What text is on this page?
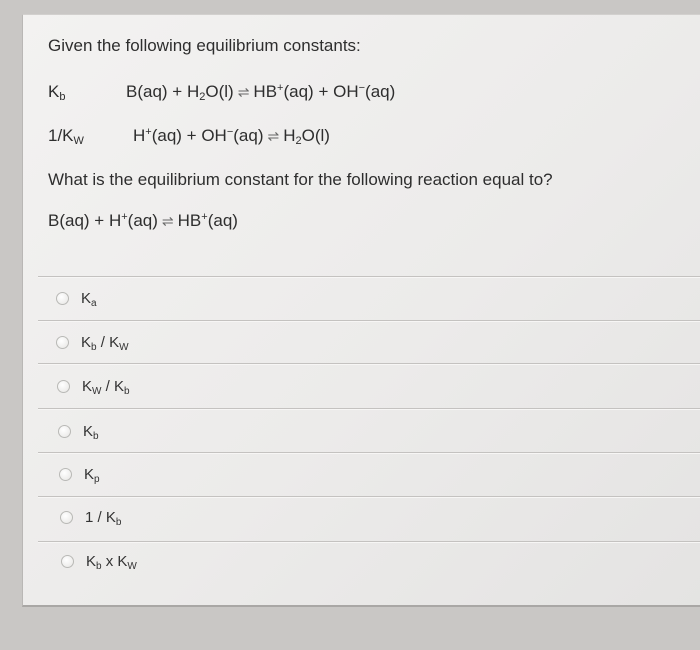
Given the following equilibrium constants:
$K_b$	$B(aq) + H_2O(l)$ ⇌ HB+(aq) + OH−(aq)
$1/K_W$	H+(aq) + OH−(aq) ⇌ $H_2O(l)$
What is the equilibrium constant for the following reaction equal to?
B(aq) + H+(aq) ⇌ HB+(aq)
$K_a$
$K_b / K_W$
$K_W / K_b$
$K_b$
$K_p$
$1 / K_b$
$K_b$ x $K_W$
